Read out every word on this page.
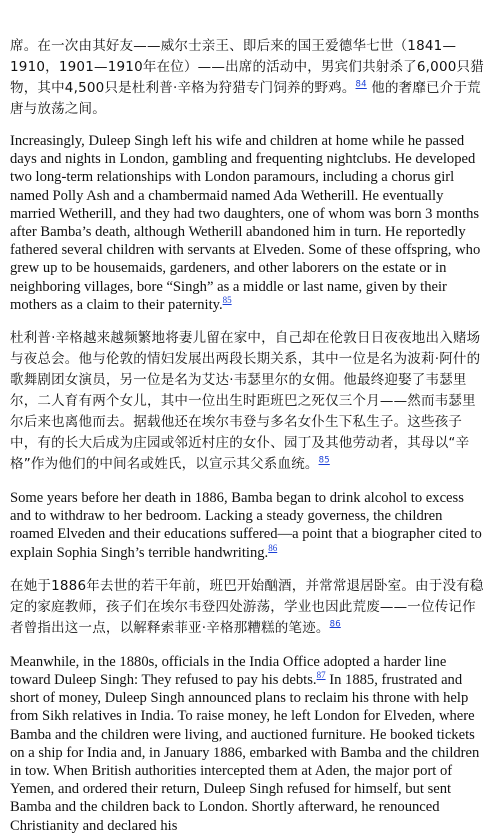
席。在一次由其好友——威尔士亲王、即后来的国王爱德华七世（1841—1910，1901—1910年在位）——出席的活动中，男宾们共射杀了6,000只猎物，其中4,500只是杜利普·辛格为狩猎专门饲养的野鸡。$^{84}$ 他的奢靡已介于荒唐与放荡之间。

Increasingly, Duleep Singh left his wife and children at home while he passed days and nights in London, gambling and frequenting nightclubs. He developed two long-term relationships with London paramours, including a chorus girl named Polly Ash and a chambermaid named Ada Wetherill. He eventually married Wetherill, and they had two daughters, one of whom was born 3 months after Bamba’s death, although Wetherill abandoned him in turn. He reportedly fathered several children with servants at Elveden. Some of these offspring, who grew up to be housemaids, gardeners, and other laborers on the estate or in neighboring villages, bore “Singh” as a middle or last name, given by their mothers as a claim to their paternity.$^{85}$

杜利普·辛格越来越频繁地将妻儿留在家中，自己却在伦敦日日夜夜地出入赌场与夜总会。他与伦敦的情妇发展出两段长期关系，其中一位是名为波莉·阿什的歌舞剧团女演员，另一位是名为艾达·韦瑟里尔的女佣。他最终迎娶了韦瑟里尔，二人育有两个女儿，其中一位出生时距班巴之死仅三个月——然而韦瑟里尔后来也离他而去。据载他还在埃尔韦登与多名女仆生下私生子。这些孩子中，有的长大后成为庄园或邻近村庄的女仆、园丁及其他劳动者，其母以“辛格”作为他们的中间名或姓氏，以宣示其父系血统。$^{85}$

Some years before her death in 1886, Bamba began to drink alcohol to excess and to withdraw to her bedroom. Lacking a steady governess, the children roamed Elveden and their educations suffered—a point that a biographer cited to explain Sophia Singh’s terrible handwriting.$^{86}$

在她于1886年去世的若干年前，班巴开始酗酒，并常常退居卧室。由于没有稳定的家庭教师，孩子们在埃尔韦登四处游荡，学业也因此荒废——一位传记作者曾指出这一点，以解释索菲亚·辛格那糟糕的笔迹。$^{86}$

Meanwhile, in the 1880s, officials in the India Office adopted a harder line toward Duleep Singh: They refused to pay his debts.$^{87}$ In 1885, frustrated and short of money, Duleep Singh announced plans to reclaim his throne with help from Sikh relatives in India. To raise money, he left London for Elveden, where Bamba and the children were living, and auctioned furniture. He booked tickets on a ship for India and, in January 1886, embarked with Bamba and the children in tow. When British authorities intercepted them at Aden, the major port of Yemen, and ordered their return, Duleep Singh refused for himself, but sent Bamba and the children back to London. Shortly afterward, he renounced Christianity and declared his
